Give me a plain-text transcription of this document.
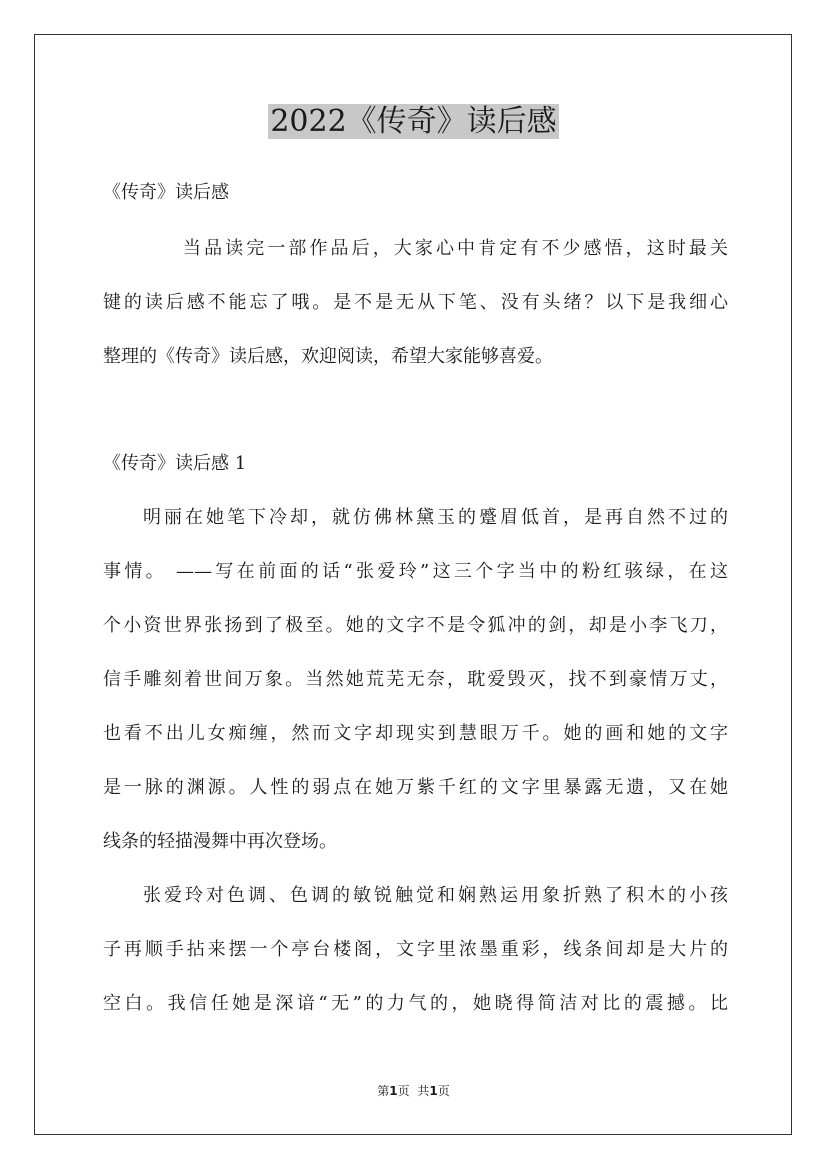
2022《传奇》读后感
《传奇》读后感
当品读完一部作品后，大家心中肯定有不少感悟，这时最关
键的读后感不能忘了哦。是不是无从下笔、没有头绪？以下是我细心
整理的《传奇》读后感，欢迎阅读，希望大家能够喜爱。
《传奇》读后感 1
明丽在她笔下冷却，就仿佛林黛玉的蹙眉低首，是再自然不过的
事情。 ——写在前面的话“张爱玲”这三个字当中的粉红骇绿，在这
个小资世界张扬到了极至。她的文字不是令狐冲的剑，却是小李飞刀，
信手雕刻着世间万象。当然她荒芜无奈，耽爱毁灭，找不到豪情万丈，
也看不出儿女痴缠，然而文字却现实到慧眼万千。她的画和她的文字
是一脉的渊源。人性的弱点在她万紫千红的文字里暴露无遗，又在她
线条的轻描漫舞中再次登场。
张爱玲对色调、色调的敏锐触觉和娴熟运用象折熟了积木的小孩
子再顺手拈来摆一个亭台楼阁，文字里浓墨重彩，线条间却是大片的
空白。我信任她是深谙“无”的力气的，她晓得简洁对比的震撼。比
第1页 共1页
